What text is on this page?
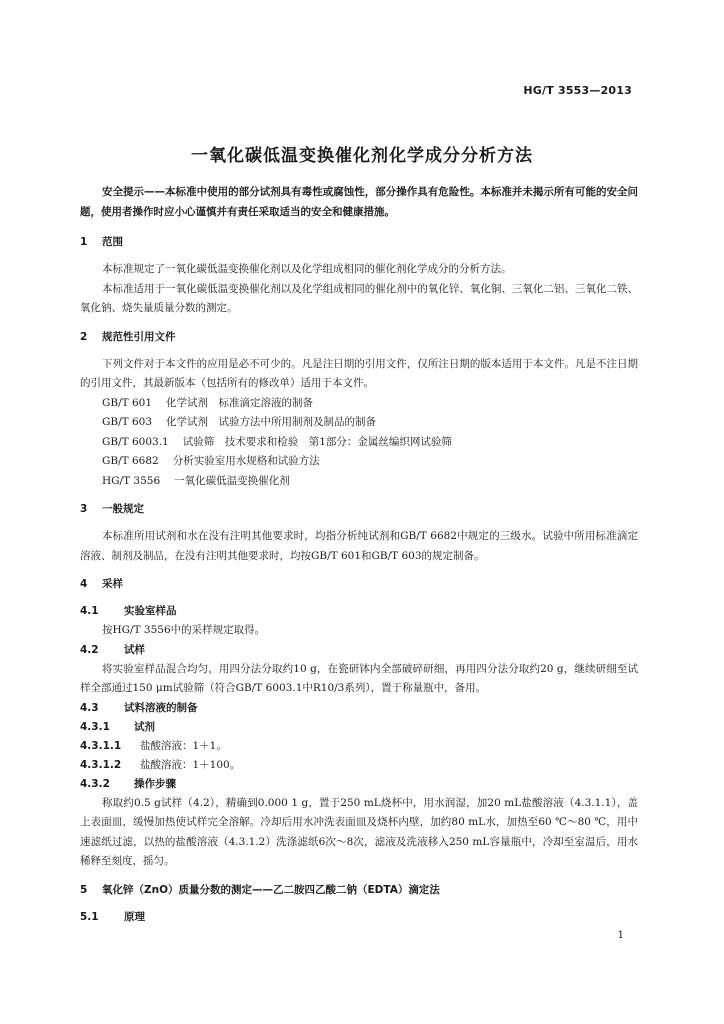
HG/T 3553—2013
一氧化碳低温变换催化剂化学成分分析方法

安全提示——本标准中使用的部分试剂具有毒性或腐蚀性，部分操作具有危险性。本标准并未揭示所有可能的安全问题，使用者操作时应小心谨慎并有责任采取适当的安全和健康措施。

1 范围

本标准规定了一氧化碳低温变换催化剂以及化学组成相同的催化剂化学成分的分析方法。

本标准适用于一氧化碳低温变换催化剂以及化学组成相同的催化剂中的氧化锌、氧化铜、三氧化二铝、三氧化二铁、氧化钠、烧失量质量分数的测定。

2 规范性引用文件

下列文件对于本文件的应用是必不可少的。凡是注日期的引用文件，仅所注日期的版本适用于本文件。凡是不注日期的引用文件，其最新版本（包括所有的修改单）适用于本文件。

GB/T 601 化学试剂　标准滴定溶液的制备
GB/T 603 化学试剂　试验方法中所用制剂及制品的制备
GB/T 6003.1 试验筛　技术要求和检验　第1部分：金属丝编织网试验筛
GB/T 6682 分析实验室用水规格和试验方法
HG/T 3556 一氧化碳低温变换催化剂
3 一般规定

本标准所用试剂和水在没有注明其他要求时，均指分析纯试剂和GB/T 6682中规定的三级水。试验中所用标准滴定溶液、制剂及制品，在没有注明其他要求时，均按GB/T 601和GB/T 603的规定制备。

4 采样
4.1 实验室样品

按HG/T 3556中的采样规定取得。

4.2 试样

将实验室样品混合均匀，用四分法分取约10 g，在瓷研钵内全部破碎研细，再用四分法分取约20 g，继续研细至试样全部通过150 μm试验筛（符合GB/T 6003.1中R10/3系列），置于称量瓶中，备用。

4.3 试料溶液的制备
4.3.1 试剂
4.3.1.1 盐酸溶液：1＋1。
4.3.1.2 盐酸溶液：1＋100。
4.3.2 操作步骤

称取约0.5 g试样（4.2），精确到0.000 1 g，置于250 mL烧杯中，用水润湿，加20 mL盐酸溶液（4.3.1.1），盖上表面皿，缓慢加热使试样完全溶解。冷却后用水冲洗表面皿及烧杯内壁，加约80 mL水，加热至60 ℃～80 ℃，用中速滤纸过滤，以热的盐酸溶液（4.3.1.2）洗涤滤纸6次～8次，滤液及洗液移入250 mL容量瓶中，冷却至室温后，用水稀释至刻度，摇匀。

5 氧化锌（ZnO）质量分数的测定——乙二胺四乙酸二钠（EDTA）滴定法
5.1 原理
1
